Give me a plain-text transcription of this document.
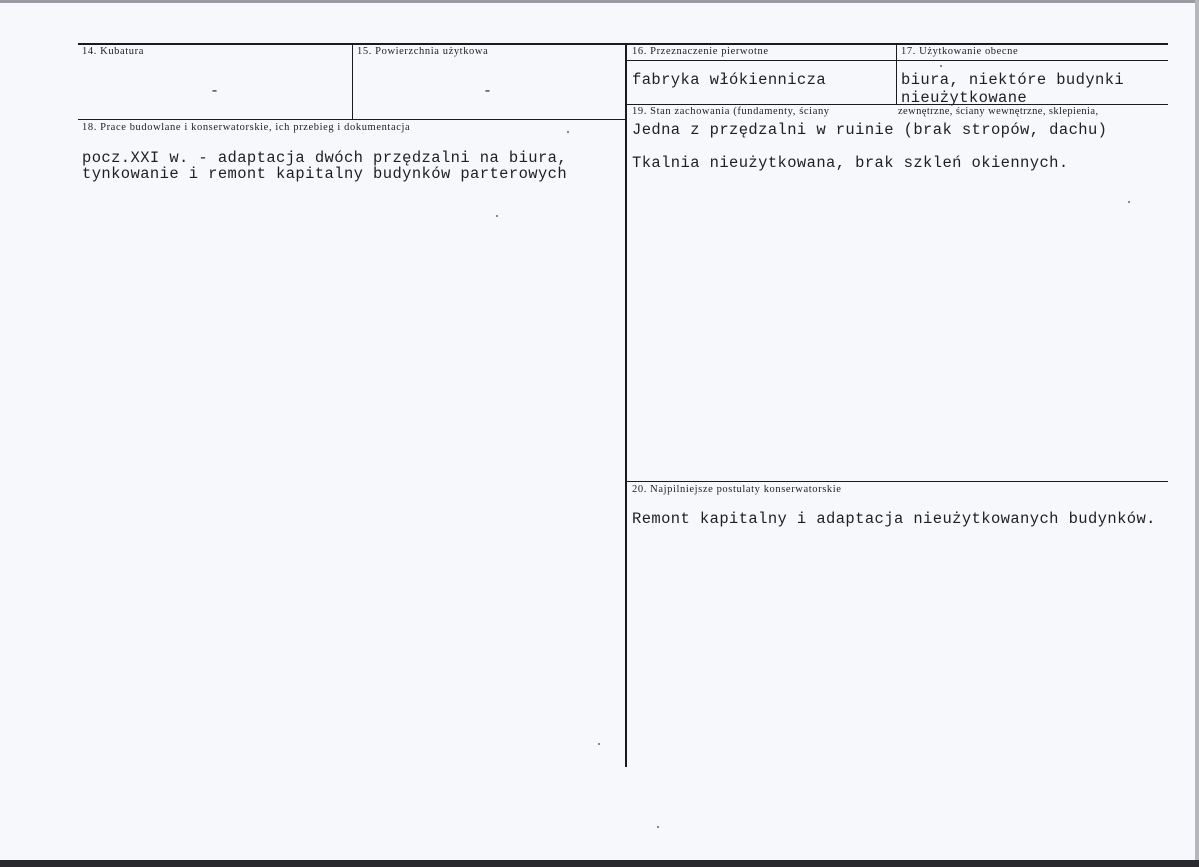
14. Kubatura
-
15. Powierzchnia użytkowa
-
16. Przeznaczenie pierwotne
fabryka włókiennicza
17. Użytkowanie obecne
biura, niektóre budynki
nieużytkowane
18. Prace budowlane i konserwatorskie, ich przebieg i dokumentacja
pocz.XXI w. - adaptacja dwóch przędzalni na biura,
tynkowanie i remont kapitalny budynków parterowych
19. Stan zachowania (fundamenty, ściany	zewnętrzne, ściany wewnętrzne, sklepienia,
Jedna z przędzalni w ruinie (brak stropów, dachu)
Tkalnia nieużytkowana, brak szkleń okiennych.
20. Najpilniejsze postulaty konserwatorskie
Remont kapitalny i adaptacja nieużytkowanych budynków.
